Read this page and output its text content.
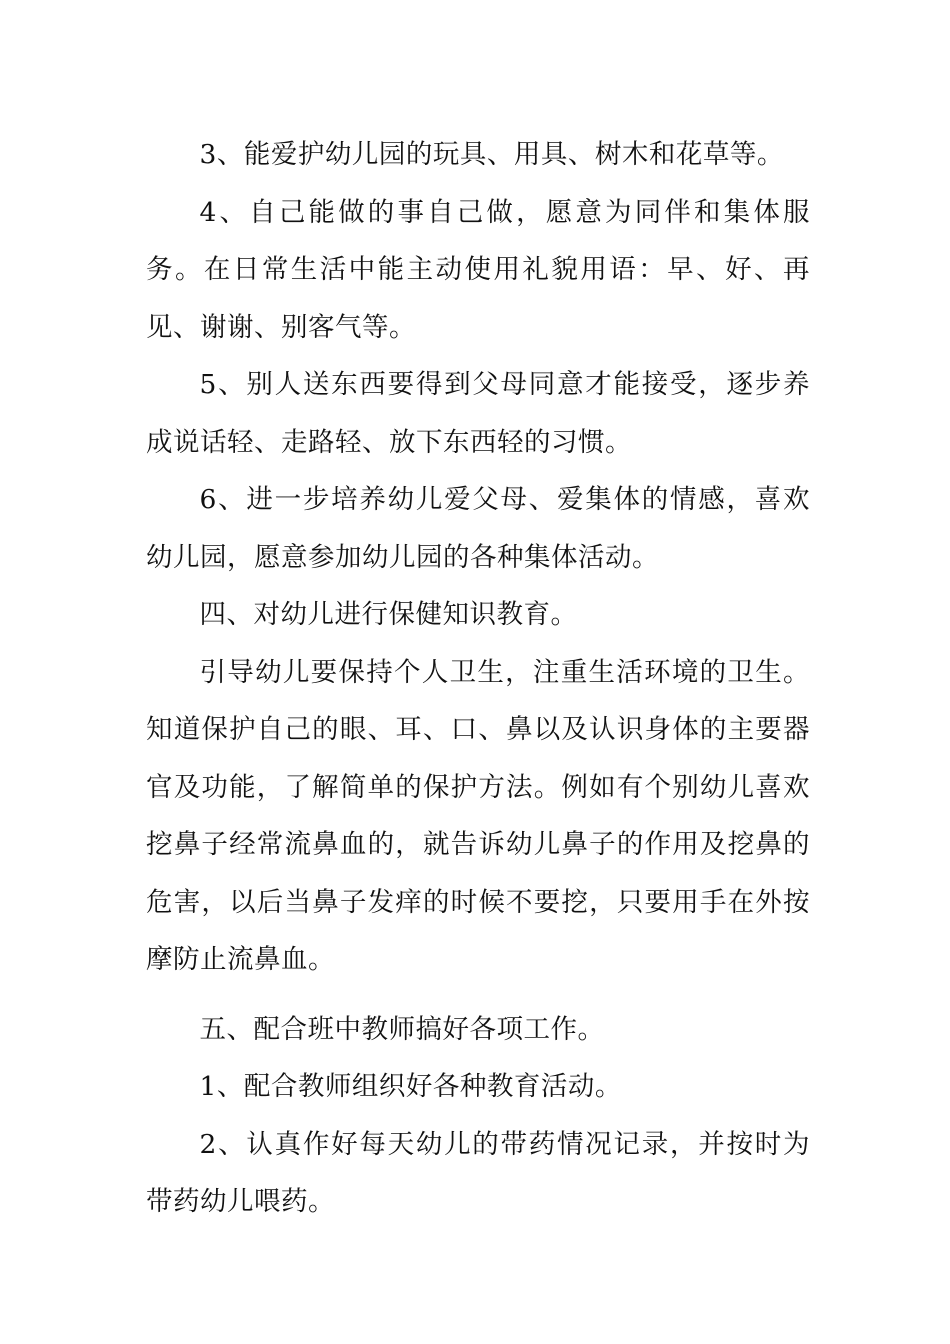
3、能爱护幼儿园的玩具、用具、树木和花草等。

4、自己能做的事自己做，愿意为同伴和集体服务。在日常生活中能主动使用礼貌用语：早、好、再见、谢谢、别客气等。

5、别人送东西要得到父母同意才能接受，逐步养成说话轻、走路轻、放下东西轻的习惯。

6、进一步培养幼儿爱父母、爱集体的情感，喜欢幼儿园，愿意参加幼儿园的各种集体活动。

四、对幼儿进行保健知识教育。

引导幼儿要保持个人卫生，注重生活环境的卫生。知道保护自己的眼、耳、口、鼻以及认识身体的主要器官及功能，了解简单的保护方法。例如有个别幼儿喜欢挖鼻子经常流鼻血的，就告诉幼儿鼻子的作用及挖鼻的危害，以后当鼻子发痒的时候不要挖，只要用手在外按摩防止流鼻血。

五、配合班中教师搞好各项工作。

1、配合教师组织好各种教育活动。

2、认真作好每天幼儿的带药情况记录，并按时为带药幼儿喂药。
